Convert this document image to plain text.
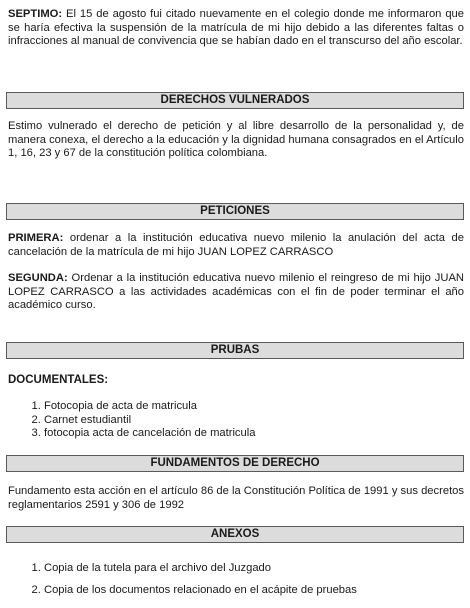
SEPTIMO: El 15 de agosto fui citado nuevamente en el colegio donde me informaron que se haría efectiva la suspensión de la matrícula de mi hijo debido a las diferentes faltas o infracciones al manual de convivencia que se habían dado en el transcurso del año escolar.

DERECHOS VULNERADOS

Estimo vulnerado el derecho de petición y al libre desarrollo de la personalidad y, de manera conexa, el derecho a la educación y la dignidad humana consagrados en el Artículo 1, 16, 23 y 67 de la constitución política colombiana.

PETICIONES

PRIMERA: ordenar a la institución educativa nuevo milenio la anulación del acta de cancelación de la matrícula de mi hijo JUAN LOPEZ CARRASCO

SEGUNDA: Ordenar a la institución educativa nuevo milenio el reingreso de mi hijo JUAN LOPEZ CARRASCO a las actividades académicas con el fin de poder terminar el año académico curso.

PRUBAS
DOCUMENTALES:
1. Fotocopia de acta de matricula
2. Carnet estudiantil
3. fotocopia acta de cancelación de matricula
FUNDAMENTOS DE DERECHO

Fundamento esta acción en el artículo 86 de la Constitución Política de 1991 y sus decretos reglamentarios 2591 y 306 de 1992

ANEXOS
1. Copia de la tutela para el archivo del Juzgado
2. Copia de los documentos relacionado en el acápite de pruebas
